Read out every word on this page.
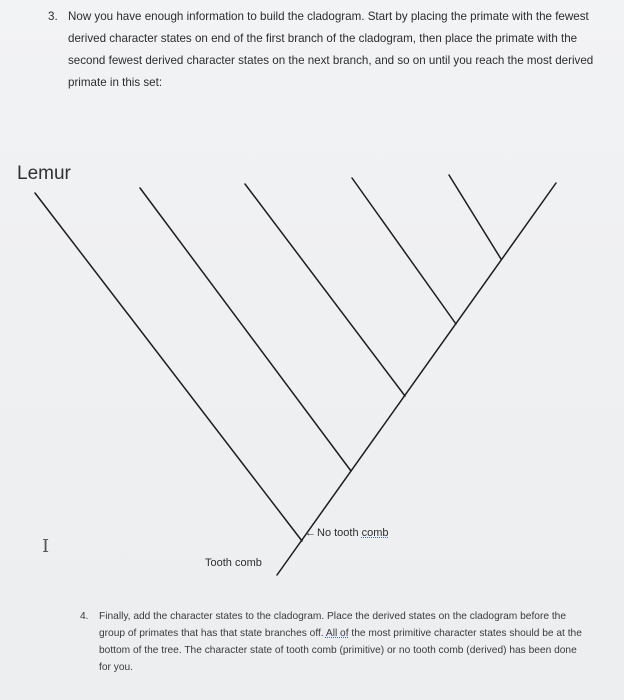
3. Now you have enough information to build the cladogram. Start by placing the primate with the fewest derived character states on end of the first branch of the cladogram, then place the primate with the second fewest derived character states on the next branch, and so on until you reach the most derived primate in this set:
Lemur
I
←No tooth comb
Tooth comb
4. Finally, add the character states to the cladogram. Place the derived states on the cladogram before the group of primates that has that state branches off. All of the most primitive character states should be at the bottom of the tree. The character state of tooth comb (primitive) or no tooth comb (derived) has been done for you.
